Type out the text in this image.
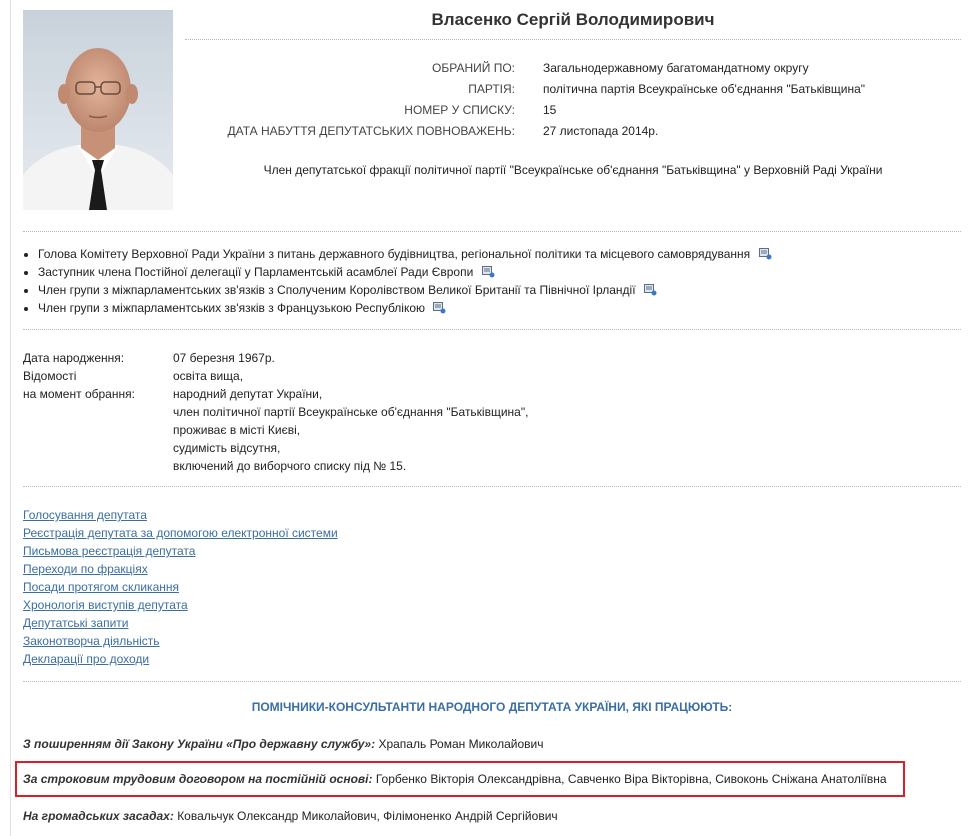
Власенко Сергій Володимирович
ОБРАНИЙ ПО: Загальнодержавному багатомандатному округу
ПАРТІЯ: політична партія Всеукраїнське об'єднання "Батьківщина"
НОМЕР У СПИСКУ: 15
ДАТА НАБУТТЯ ДЕПУТАТСЬКИХ ПОВНОВАЖЕНЬ: 27 листопада 2014р.
Член депутатської фракції політичної партії "Всеукраїнське об'єднання "Батьківщина" у Верховній Раді України
• Голова Комітету Верховної Ради України з питань державного будівництва, регіональної політики та місцевого самоврядування
• Заступник члена Постійної делегації у Парламентській асамблеї Ради Європи
• Член групи з міжпарламентських зв'язків з Сполученим Королівством Великої Британії та Північної Ірландії
• Член групи з міжпарламентських зв'язків з Французькою Республікою
Дата народження:	07 березня 1967р.
Відомості
на момент обрання:
освіта вища,
народний депутат України,
член політичної партії Всеукраїнське об'єднання "Батьківщина",
проживає в місті Києві,
судимість відсутня,
включений до виборчого списку під № 15.
Голосування депутата
Реєстрація депутата за допомогою електронної системи
Письмова реєстрація депутата
Переходи по фракціях
Посади протягом скликання
Хронологія виступів депутата
Депутатські запити
Законотворча діяльність
Декларації про доходи
ПОМІЧНИКИ-КОНСУЛЬТАНТИ НАРОДНОГО ДЕПУТАТА УКРАЇНИ, ЯКІ ПРАЦЮЮТЬ:
З поширенням дії Закону України «Про державну службу»: Храпаль Роман Миколайович
За строковим трудовим договором на постійній основі: Горбенко Вікторія Олександрівна, Савченко Віра Вікторівна, Сивоконь Сніжана Анатоліївна
На громадських засадах: Ковальчук Олександр Миколайович, Філімоненко Андрій Сергійович
